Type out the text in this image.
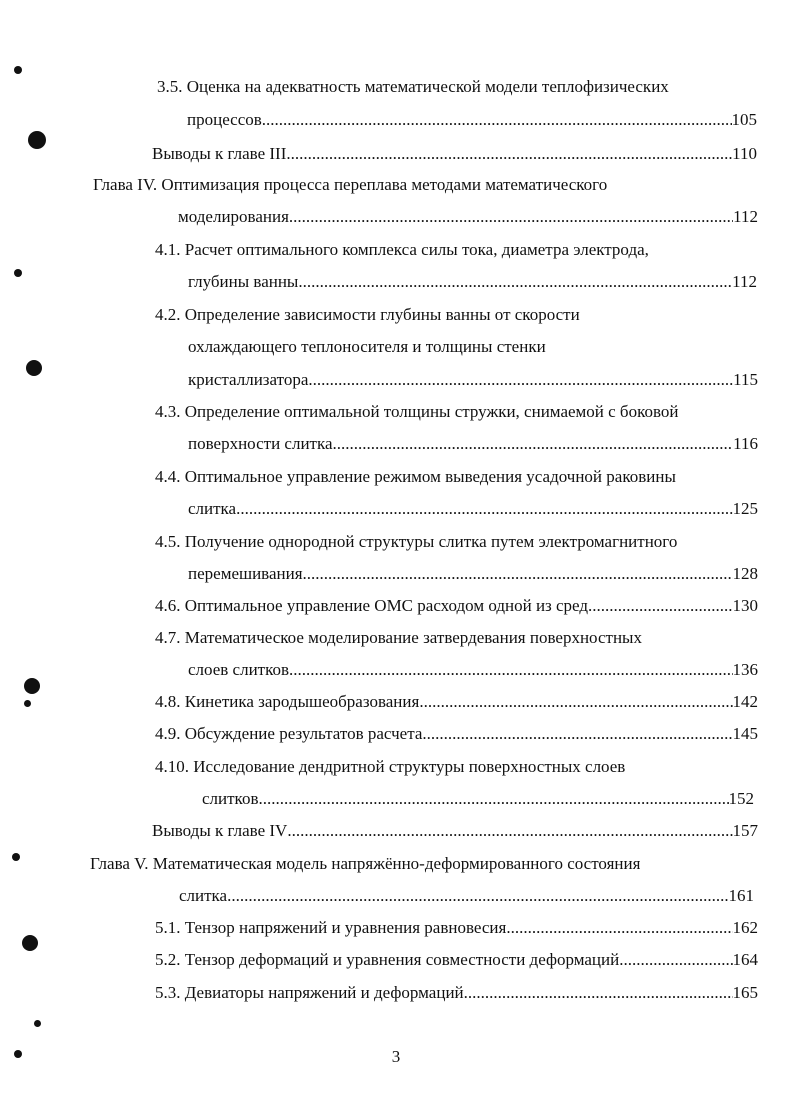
3.5. Оценка на адекватность математической модели теплофизических
процессов .....	105
Выводы к главе III .....	110
Глава IV. Оптимизация процесса переплава методами математического
моделирования .....	112
4.1. Расчет оптимального комплекса силы тока, диаметра электрода,
глубины ванны .....	112
4.2. Определение зависимости глубины ванны от скорости
охлаждающего теплоносителя и толщины стенки
кристаллизатора .....	115
4.3. Определение оптимальной толщины стружки, снимаемой с боковой
поверхности слитка .....	116
4.4. Оптимальное управление режимом выведения усадочной раковины
слитка .....	125
4.5. Получение однородной структуры слитка путем электромагнитного
перемешивания .....	128
4.6. Оптимальное управление ОМС расходом одной из сред .....	130
4.7. Математическое моделирование затвердевания поверхностных
слоев слитков .....	136
4.8. Кинетика зародышеобразования .....	142
4.9. Обсуждение результатов расчета .....	145
4.10. Исследование дендритной структуры поверхностных слоев
слитков .....	152
Выводы к главе IV .....	157
Глава V. Математическая модель напряжённо-деформированного состояния
слитка .....	161
5.1. Тензор напряжений и уравнения равновесия .....	162
5.2. Тензор деформаций и уравнения совместности деформаций .....	164
5.3. Девиаторы напряжений и деформаций .....	165
3
